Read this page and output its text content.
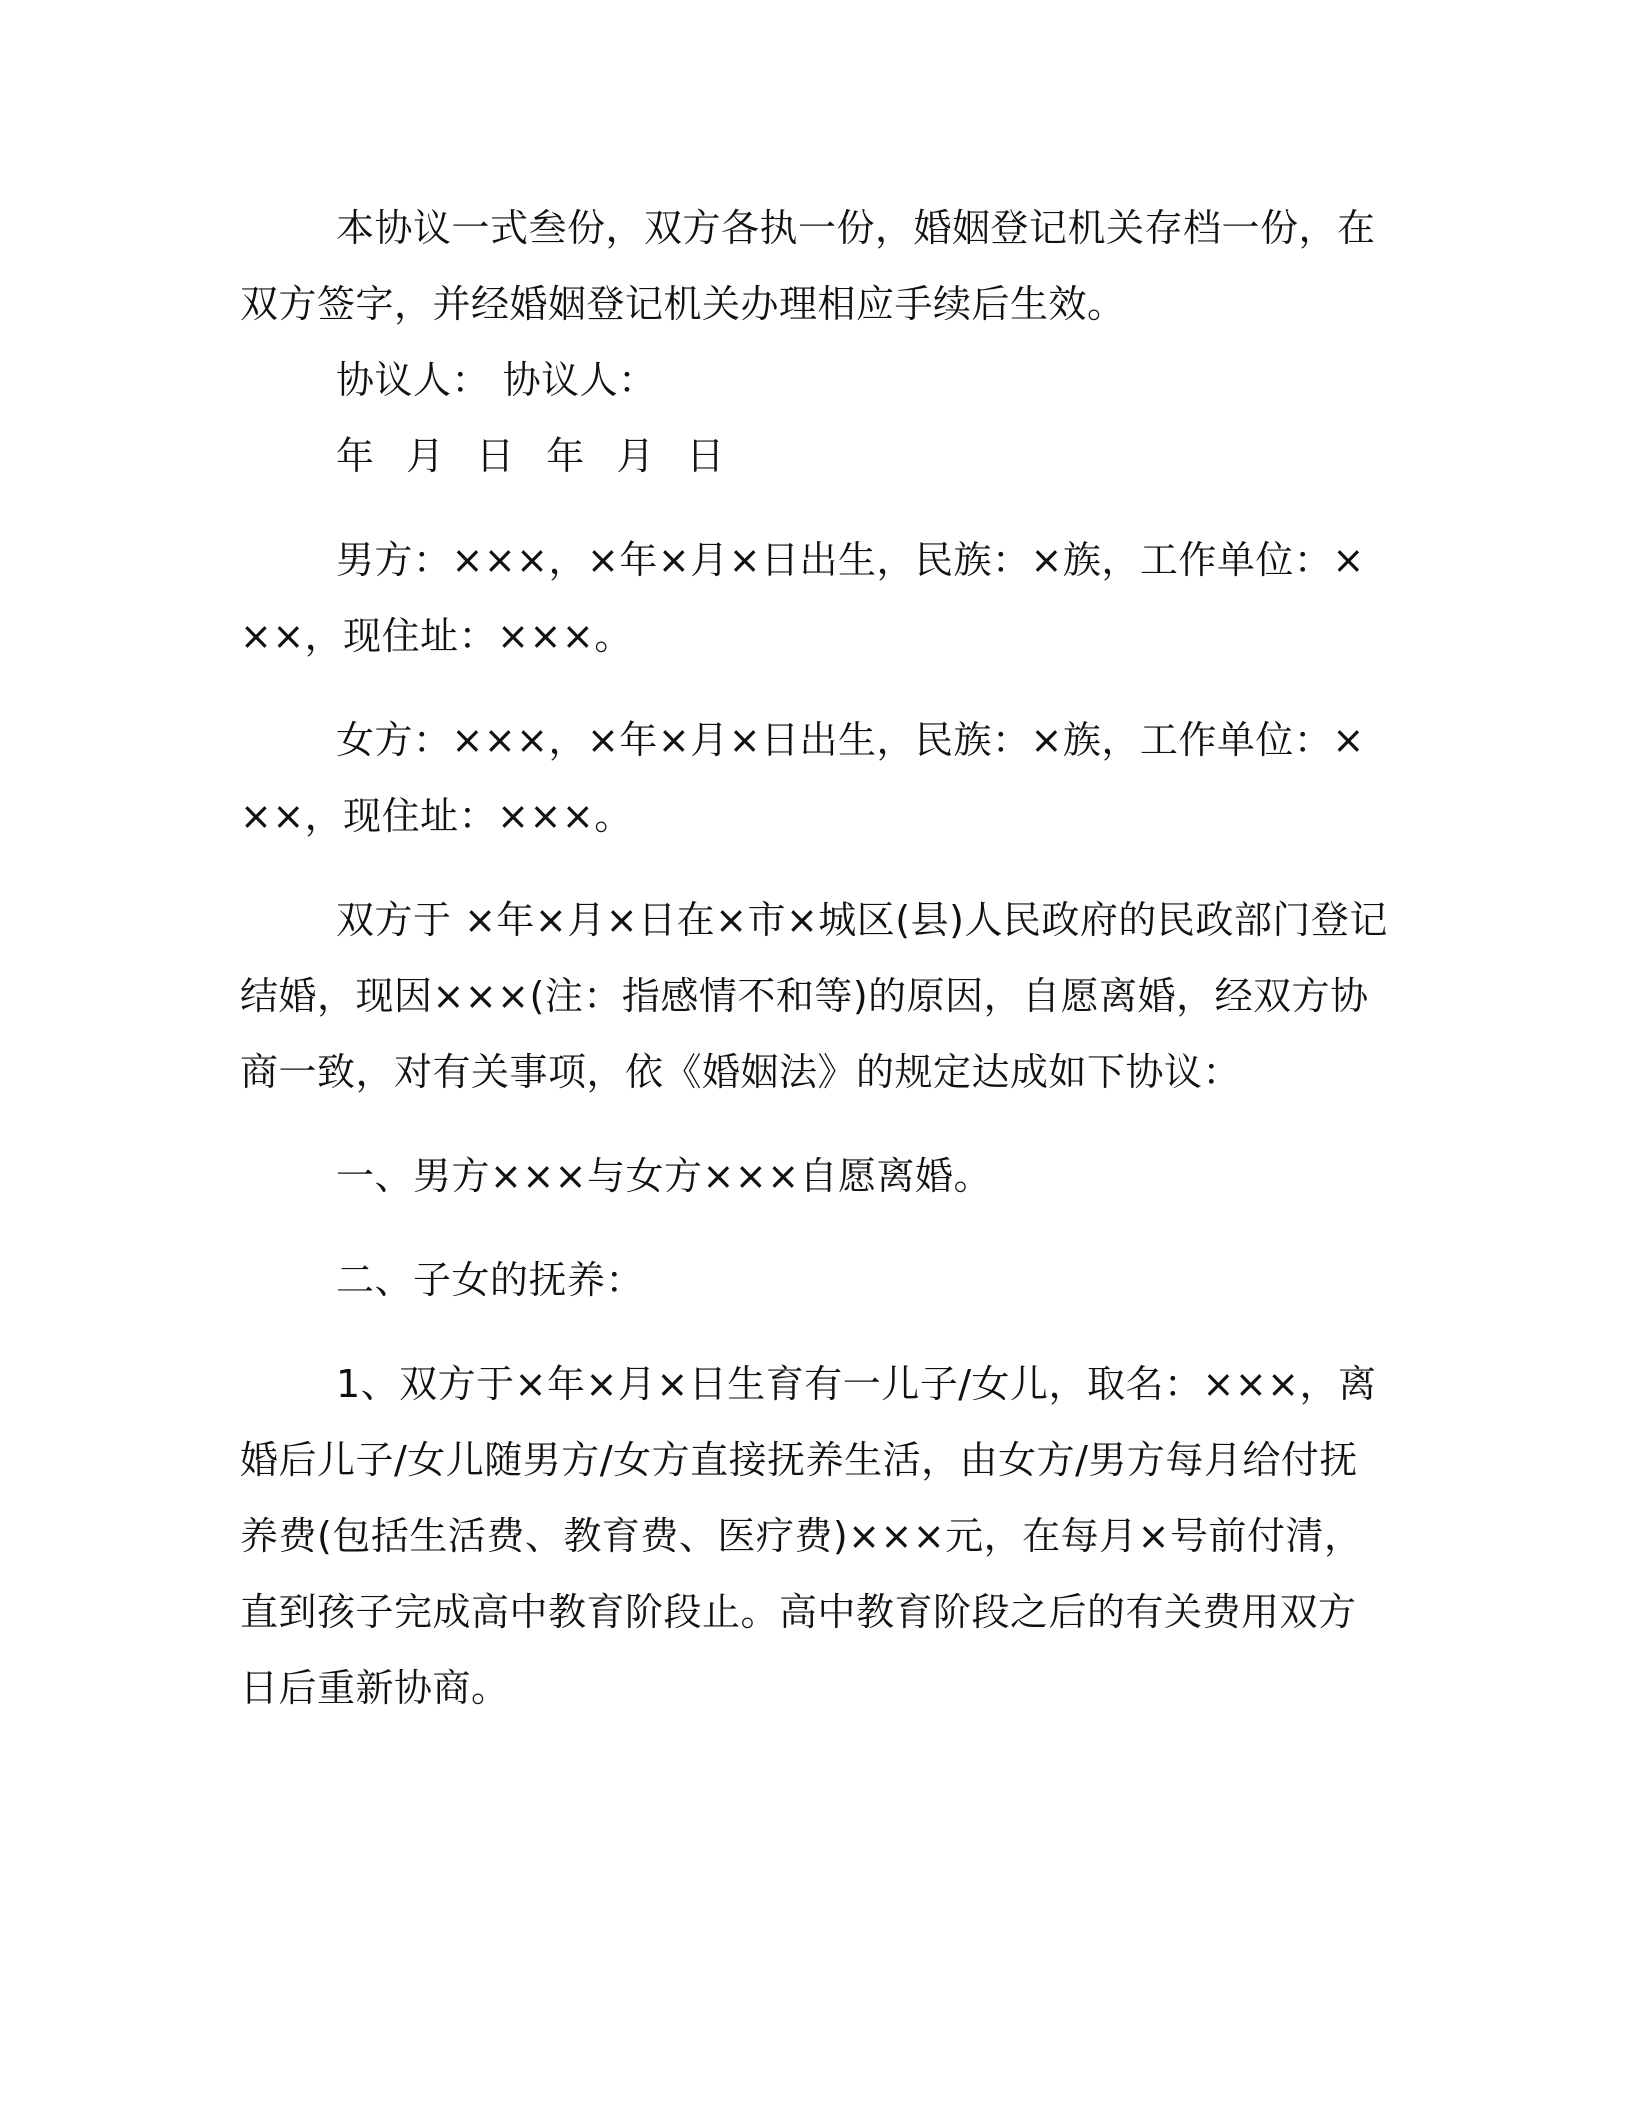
本协议一式叁份，双方各执一份，婚姻登记机关存档一份，在双方签字，并经婚姻登记机关办理相应手续后生效。

协议人： 协议人：

年 月 日 年 月 日

男方：×××，×年×月×日出生，民族：×族，工作单位：×××，现住址：×××。

女方：×××，×年×月×日出生，民族：×族，工作单位：×××，现住址：×××。

双方于 ×年×月×日在×市×城区(县)人民政府的民政部门登记结婚，现因×××(注：指感情不和等)的原因，自愿离婚，经双方协商一致，对有关事项，依《婚姻法》的规定达成如下协议：

一、男方×××与女方×××自愿离婚。

二、子女的抚养：

1、双方于×年×月×日生育有一儿子/女儿，取名：×××，离婚后儿子/女儿随男方/女方直接抚养生活，由女方/男方每月给付抚养费(包括生活费、教育费、医疗费)×××元，在每月×号前付清，直到孩子完成高中教育阶段止。高中教育阶段之后的有关费用双方日后重新协商。
